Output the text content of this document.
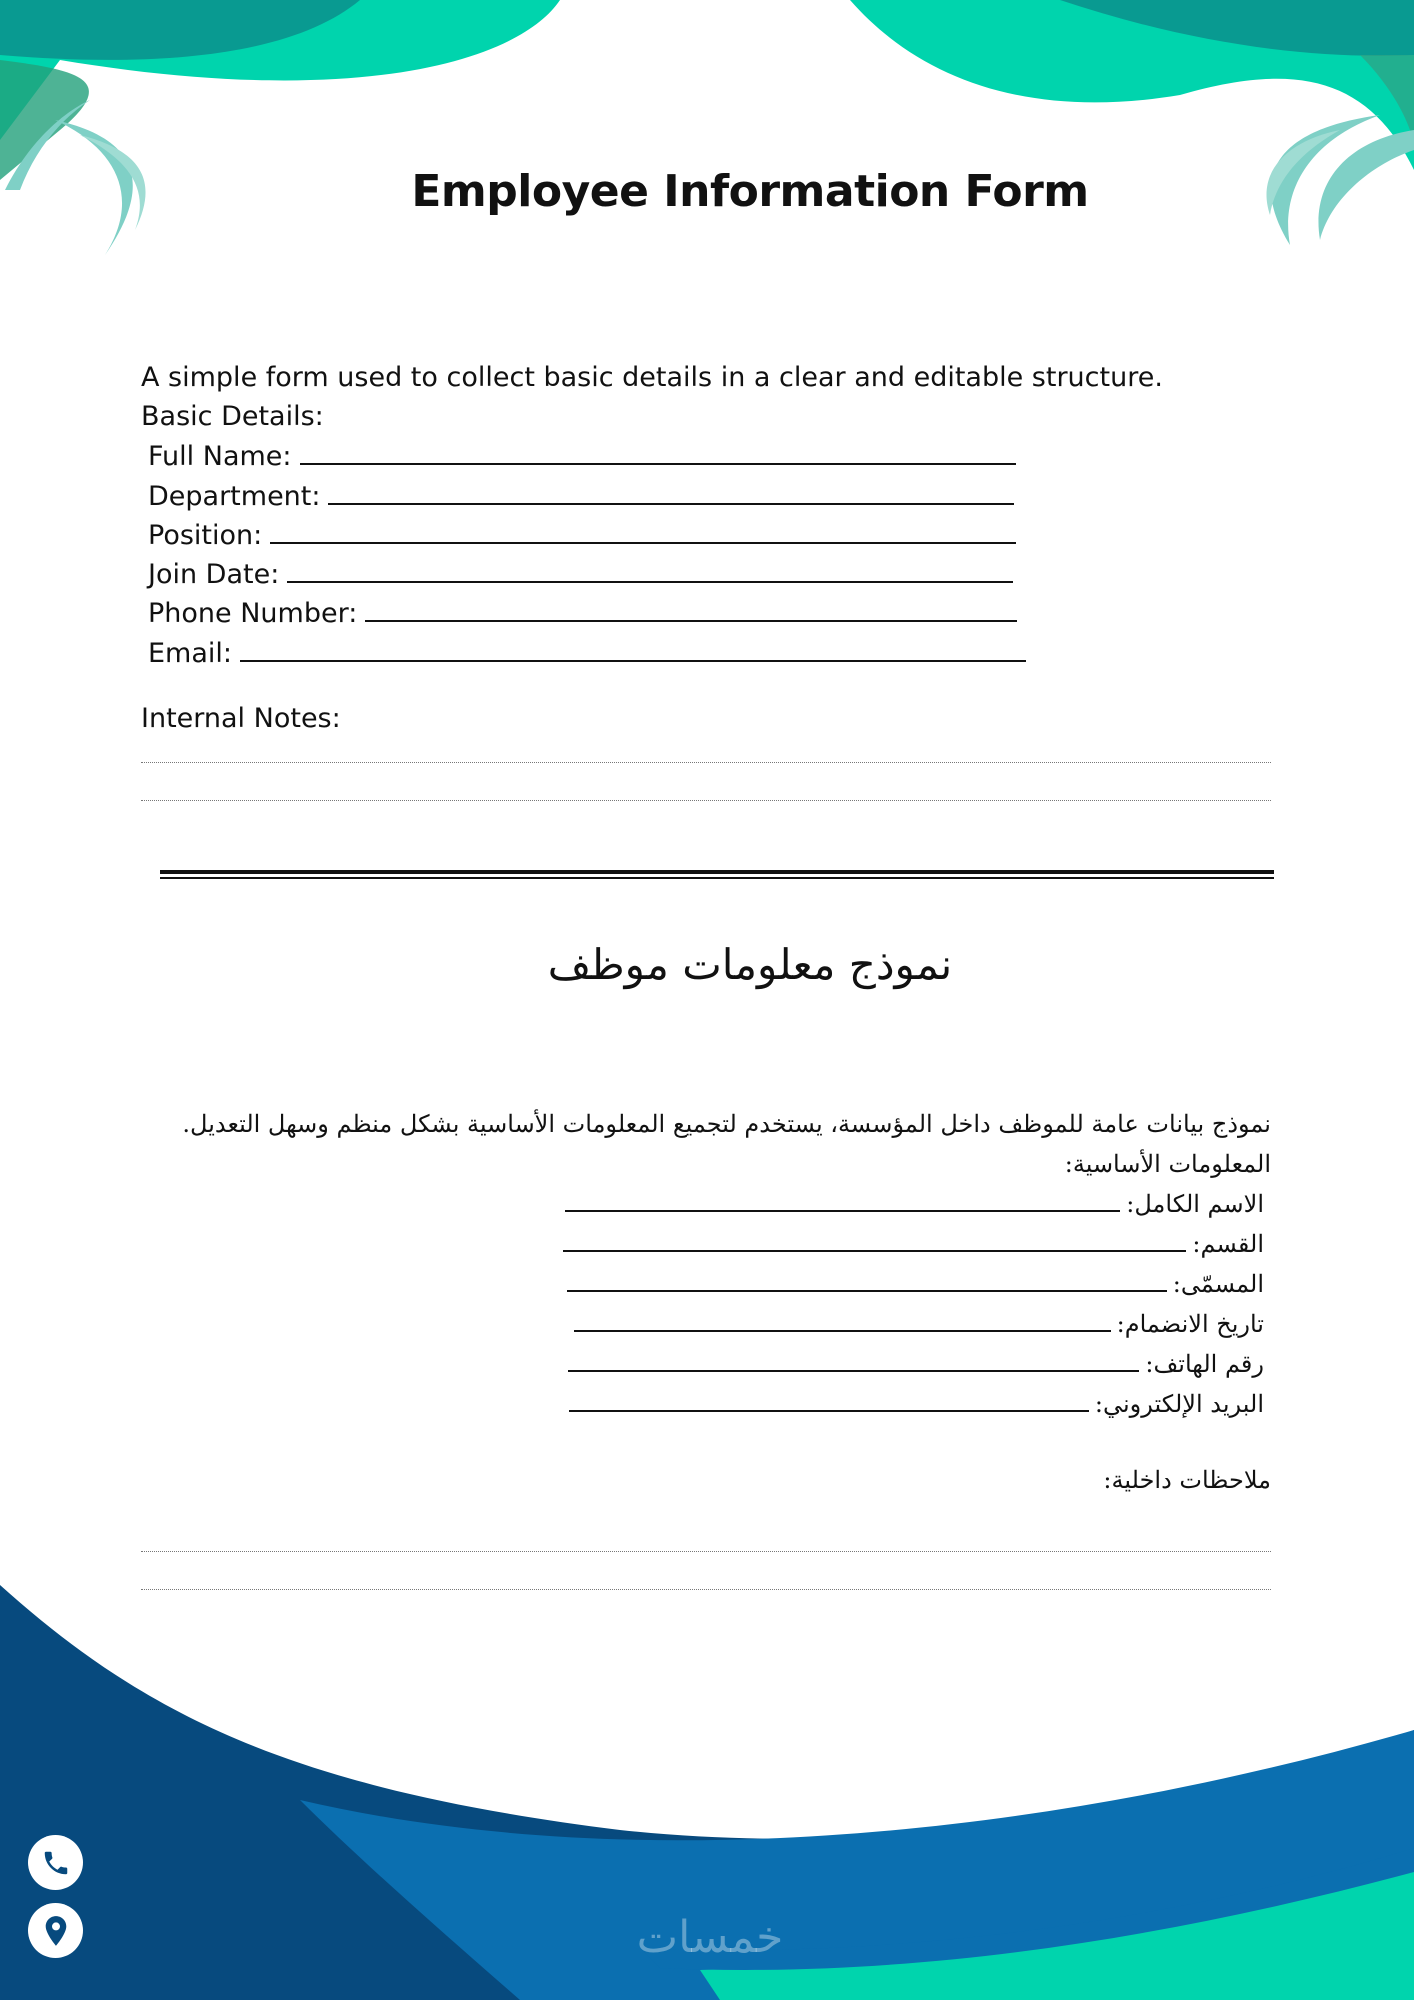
Employee Information Form
A simple form used to collect basic details in a clear and editable structure.
Basic Details:
Full Name:
Department:
Position:
Join Date:
Phone Number:
Email:
Internal Notes:
نموذج معلومات موظف
نموذج بيانات عامة للموظف داخل المؤسسة، يستخدم لتجميع المعلومات الأساسية بشكل منظم وسهل التعديل.
المعلومات الأساسية:
الاسم الكامل:
القسم:
المسمّى:
تاريخ الانضمام:
رقم الهاتف:
البريد الإلكتروني:
ملاحظات داخلية:
خمسات
